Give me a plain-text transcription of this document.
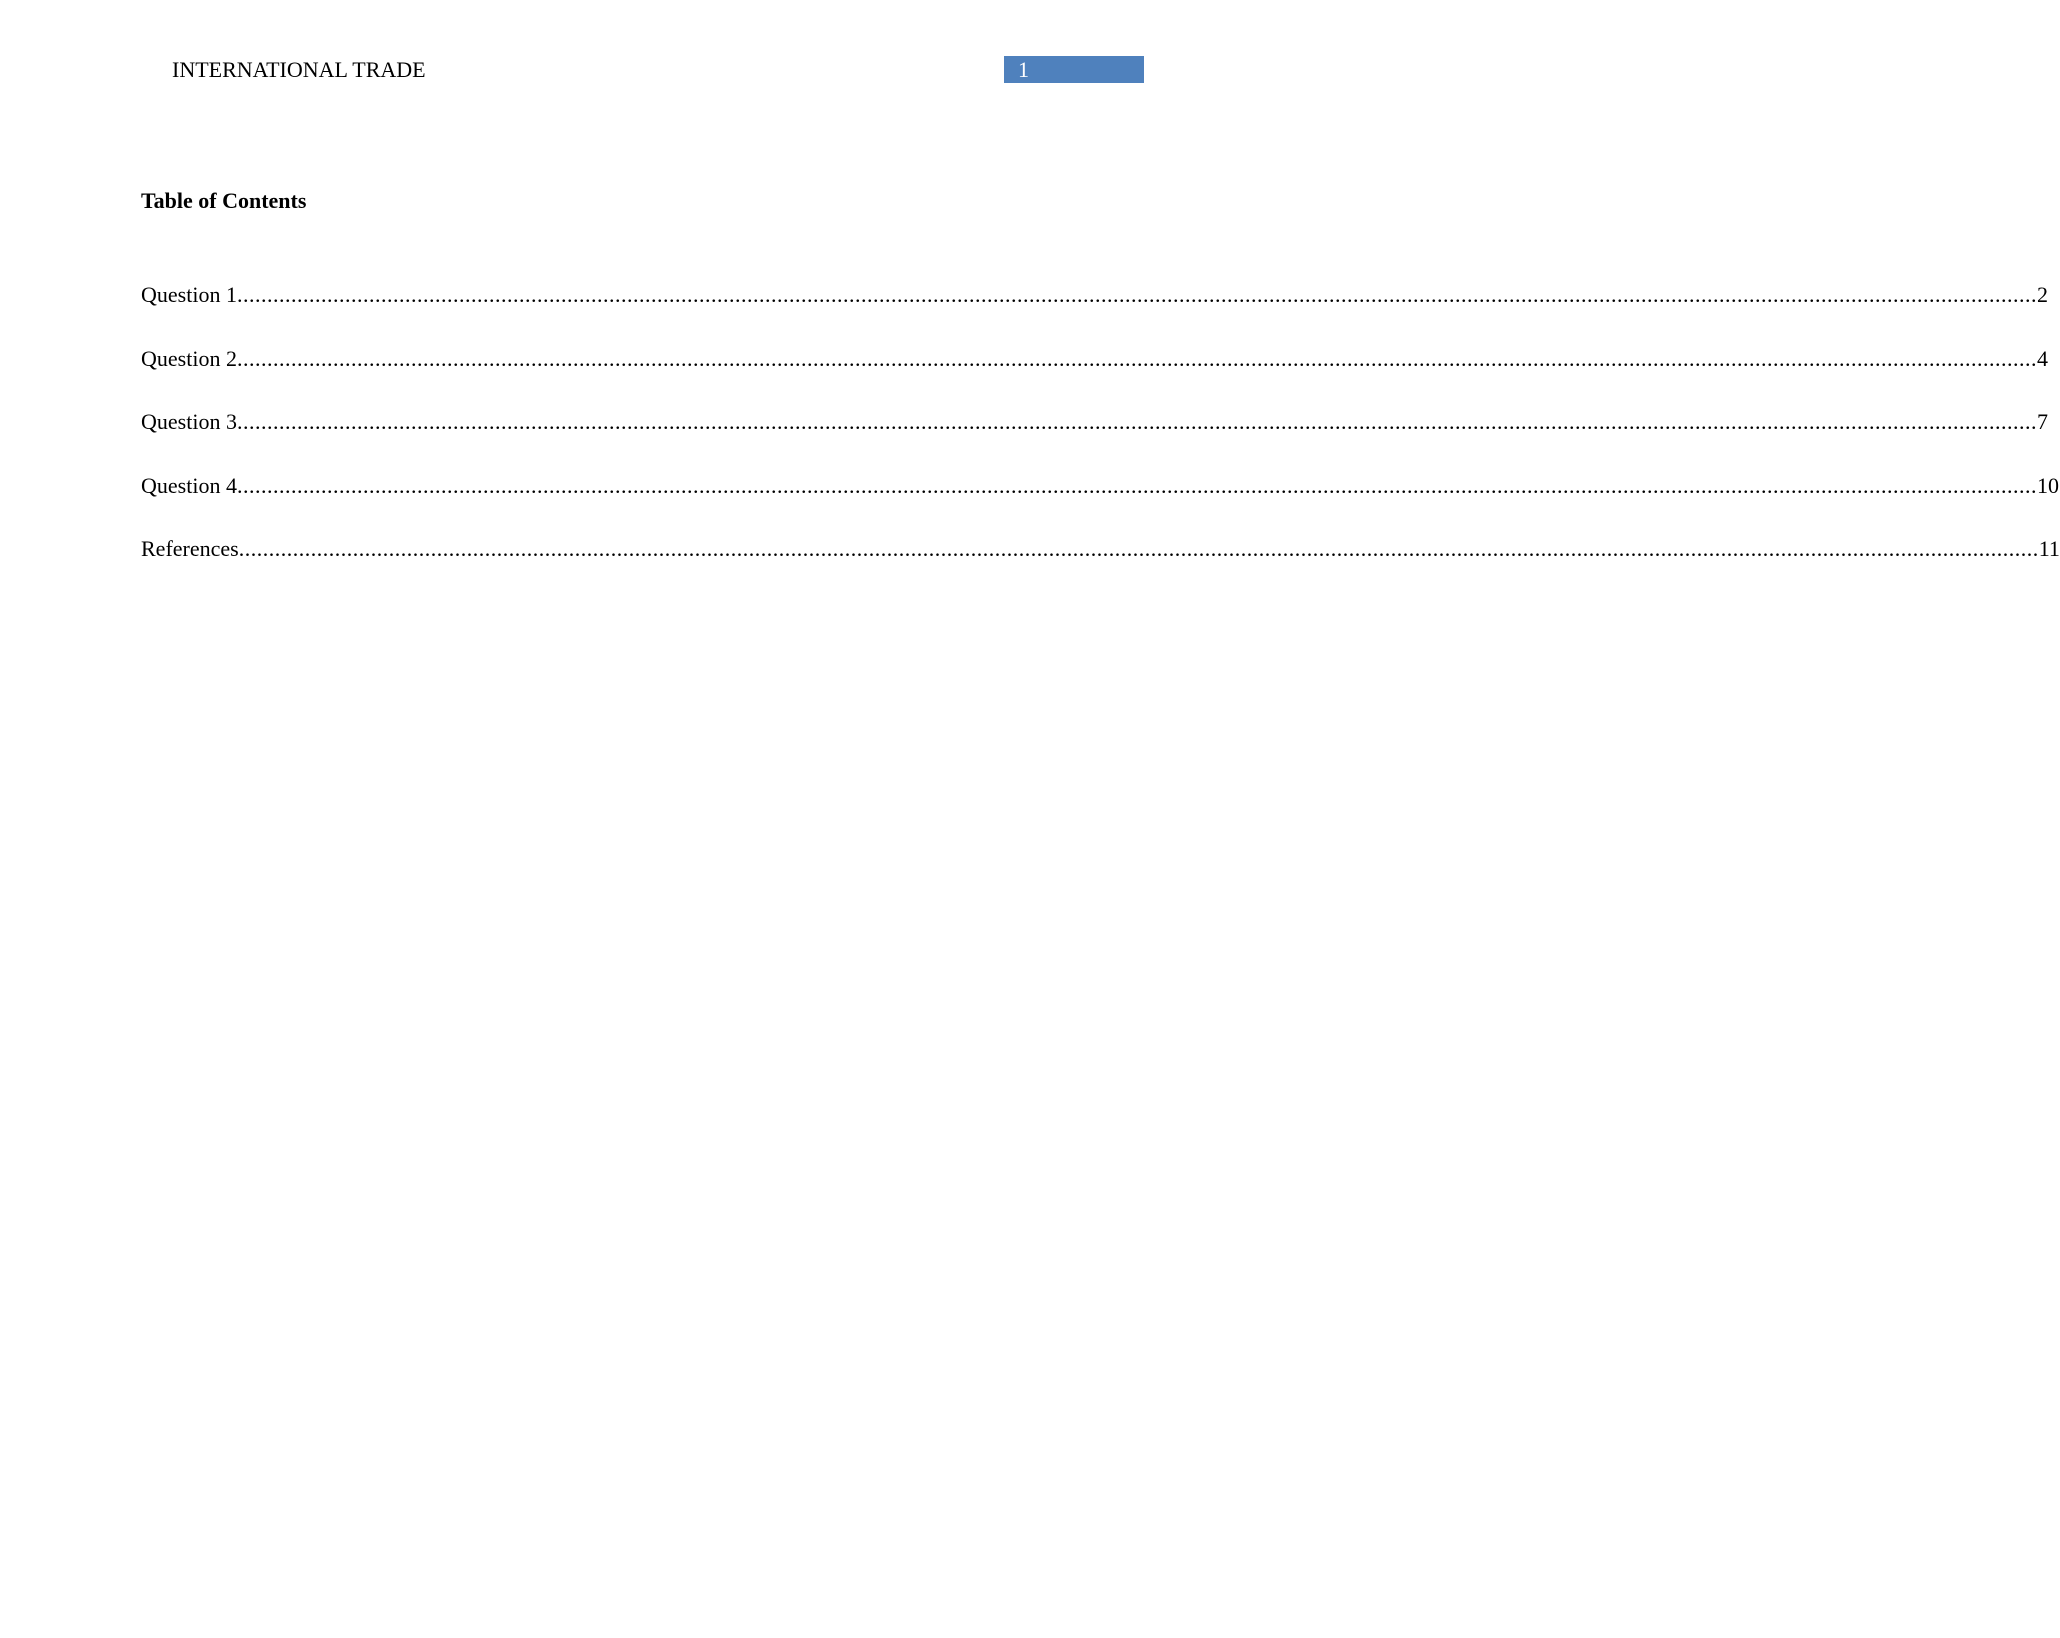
INTERNATIONAL TRADE	1
Table of Contents
Question 1 ............................................................................................................................................................................................................................................................................................................ 2
Question 2 ............................................................................................................................................................................................................................................................................................................ 4
Question 3 ............................................................................................................................................................................................................................................................................................................ 7
Question 4 ............................................................................................................................................................................................................................................................................................................ 10
References ............................................................................................................................................................................................................................................................................................................ 11
